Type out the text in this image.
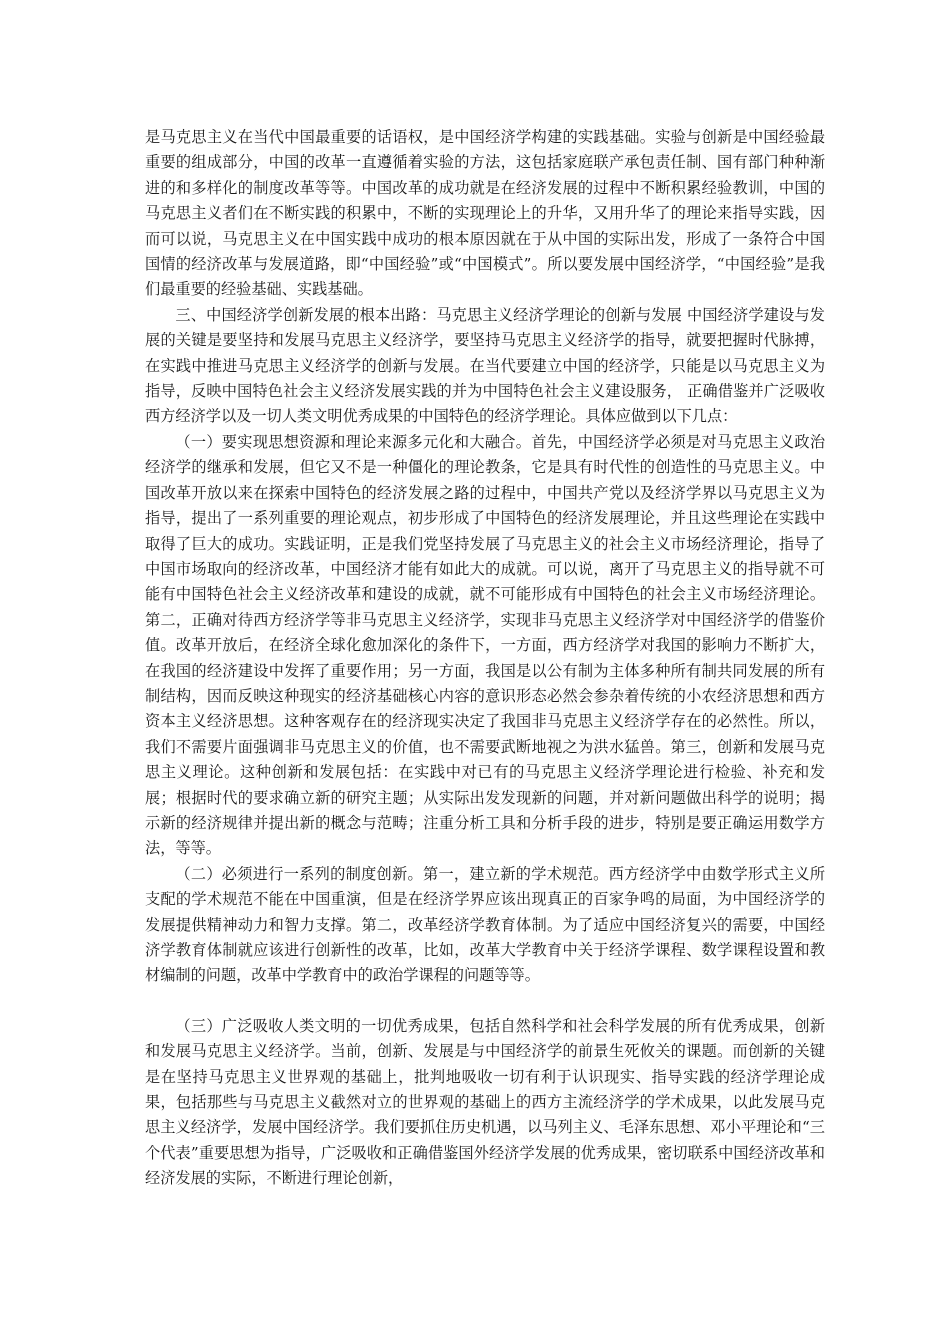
是马克思主义在当代中国最重要的话语权，是中国经济学构建的实践基础。实验与创新是中国经验最重要的组成部分，中国的改革一直遵循着实验的方法，这包括家庭联产承包责任制、国有部门种种渐进的和多样化的制度改革等等。中国改革的成功就是在经济发展的过程中不断积累经验教训，中国的马克思主义者们在不断实践的积累中，不断的实现理论上的升华，又用升华了的理论来指导实践，因而可以说，马克思主义在中国实践中成功的根本原因就在于从中国的实际出发，形成了一条符合中国国情的经济改革与发展道路，即“中国经验”或“中国模式”。所以要发展中国经济学，“中国经验”是我们最重要的经验基础、实践基础。

三、中国经济学创新发展的根本出路：马克思主义经济学理论的创新与发展 中国经济学建设与发展的关键是要坚持和发展马克思主义经济学，要坚持马克思主义经济学的指导，就要把握时代脉搏，在实践中推进马克思主义经济学的创新与发展。在当代要建立中国的经济学，只能是以马克思主义为指导，反映中国特色社会主义经济发展实践的并为中国特色社会主义建设服务， 正确借鉴并广泛吸收西方经济学以及一切人类文明优秀成果的中国特色的经济学理论。具体应做到以下几点：

（一）要实现思想资源和理论来源多元化和大融合。首先，中国经济学必须是对马克思主义政治经济学的继承和发展，但它又不是一种僵化的理论教条，它是具有时代性的创造性的马克思主义。中国改革开放以来在探索中国特色的经济发展之路的过程中，中国共产党以及经济学界以马克思主义为指导，提出了一系列重要的理论观点，初步形成了中国特色的经济发展理论，并且这些理论在实践中取得了巨大的成功。实践证明，正是我们党坚持发展了马克思主义的社会主义市场经济理论，指导了中国市场取向的经济改革，中国经济才能有如此大的成就。可以说，离开了马克思主义的指导就不可能有中国特色社会主义经济改革和建设的成就，就不可能形成有中国特色的社会主义市场经济理论。第二，正确对待西方经济学等非马克思主义经济学，实现非马克思主义经济学对中国经济学的借鉴价值。改革开放后，在经济全球化愈加深化的条件下，一方面，西方经济学对我国的影响力不断扩大，在我国的经济建设中发挥了重要作用；另一方面，我国是以公有制为主体多种所有制共同发展的所有制结构，因而反映这种现实的经济基础核心内容的意识形态必然会参杂着传统的小农经济思想和西方资本主义经济思想。这种客观存在的经济现实决定了我国非马克思主义经济学存在的必然性。所以，我们不需要片面强调非马克思主义的价值，也不需要武断地视之为洪水猛兽。第三，创新和发展马克思主义理论。这种创新和发展包括：在实践中对已有的马克思主义经济学理论进行检验、补充和发展；根据时代的要求确立新的研究主题；从实际出发发现新的问题，并对新问题做出科学的说明；揭示新的经济规律并提出新的概念与范畴；注重分析工具和分析手段的进步，特别是要正确运用数学方法，等等。

（二）必须进行一系列的制度创新。第一，建立新的学术规范。西方经济学中由数学形式主义所支配的学术规范不能在中国重演，但是在经济学界应该出现真正的百家争鸣的局面，为中国经济学的发展提供精神动力和智力支撑。第二，改革经济学教育体制。为了适应中国经济复兴的需要，中国经济学教育体制就应该进行创新性的改革，比如，改革大学教育中关于经济学课程、数学课程设置和教材编制的问题，改革中学教育中的政治学课程的问题等等。

（三）广泛吸收人类文明的一切优秀成果，包括自然科学和社会科学发展的所有优秀成果，创新和发展马克思主义经济学。当前，创新、发展是与中国经济学的前景生死攸关的课题。而创新的关键是在坚持马克思主义世界观的基础上，批判地吸收一切有利于认识现实、指导实践的经济学理论成果，包括那些与马克思主义截然对立的世界观的基础上的西方主流经济学的学术成果，以此发展马克思主义经济学，发展中国经济学。我们要抓住历史机遇，以马列主义、毛泽东思想、邓小平理论和“三个代表”重要思想为指导，广泛吸收和正确借鉴国外经济学发展的优秀成果，密切联系中国经济改革和经济发展的实际，不断进行理论创新，
